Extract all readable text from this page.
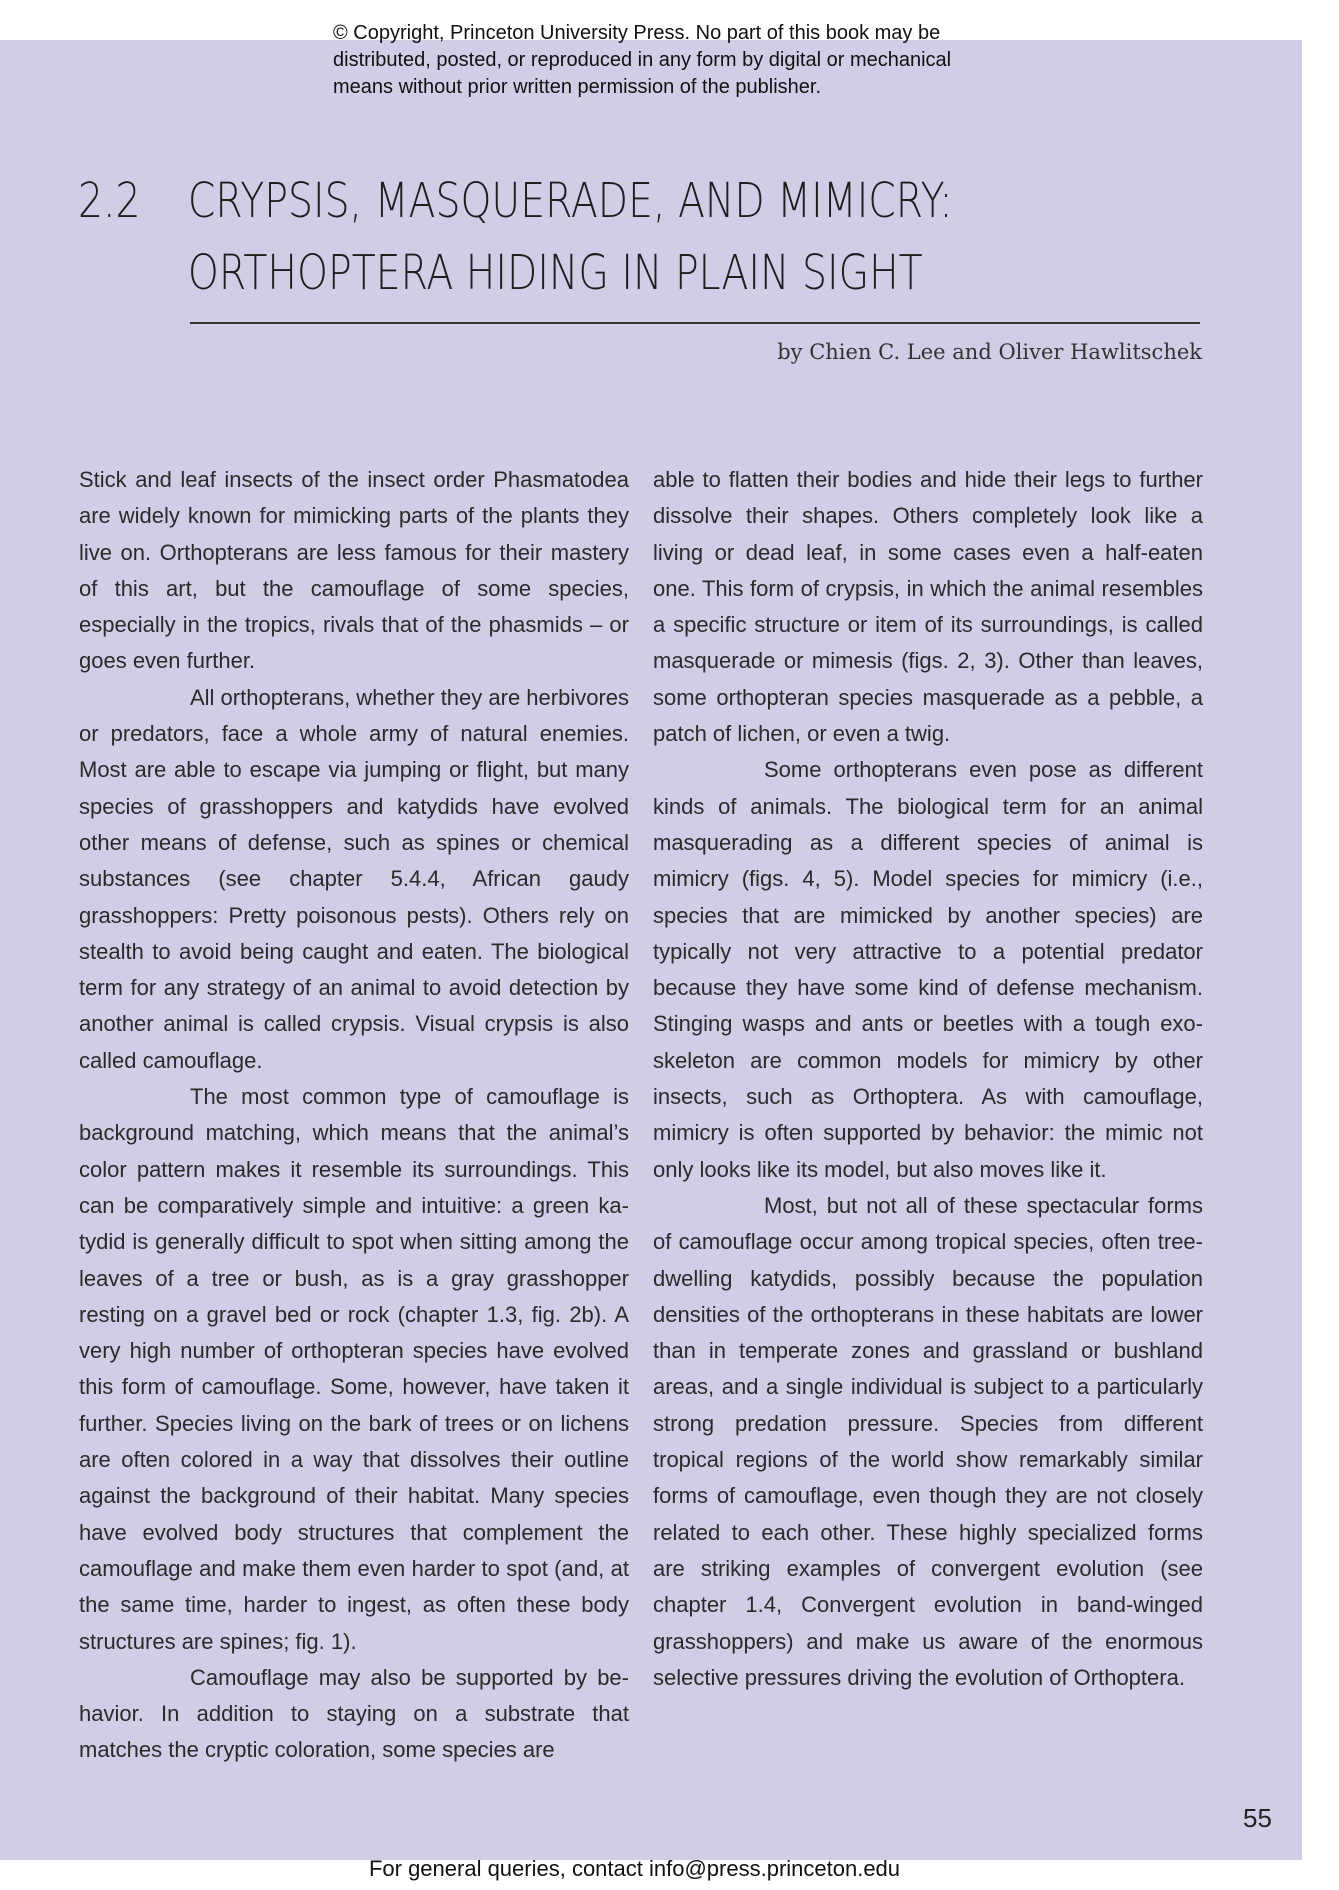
© Copyright, Princeton University Press. No part of this book may be
distributed, posted, or reproduced in any form by digital or mechanical
means without prior written permission of the publisher.

2.2 CRYPSIS, MASQUERADE, AND MIMICRY:
ORTHOPTERA HIDING IN PLAIN SIGHT

by Chien C. Lee and Oliver Hawlitschek

Stick and leaf insects of the insect order Phasmatodea are widely known for mimicking parts of the plants they live on. Orthopterans are less famous for their mastery of this art, but the camouflage of some species, especially in the tropics, rivals that of the phasmids – or goes even further.

All orthopterans, whether they are herbivores or predators, face a whole army of natural enemies. Most are able to escape via jumping or flight, but many species of grasshoppers and katydids have evolved other means of defense, such as spines or chemical substances (see chapter 5.4.4, African gaudy grasshoppers: Pretty poisonous pests). Others rely on stealth to avoid being caught and eaten. The biological term for any strategy of an animal to avoid detection by another animal is called crypsis. Visual crypsis is also called camouflage.

The most common type of camouflage is background matching, which means that the animal’s color pattern makes it resemble its surroundings. This can be comparatively simple and intuitive: a green katydid is generally difficult to spot when sitting among the leaves of a tree or bush, as is a gray grasshopper resting on a gravel bed or rock (chapter 1.3, fig. 2b). A very high number of orthopteran species have evolved this form of camouflage. Some, however, have taken it further. Species living on the bark of trees or on lichens are often colored in a way that dissolves their outline against the background of their habitat. Many species have evolved body structures that complement the camouflage and make them even harder to spot (and, at the same time, harder to ingest, as often these body structures are spines; fig. 1).

Camouflage may also be supported by behavior. In addition to staying on a substrate that matches the cryptic coloration, some species are

able to flatten their bodies and hide their legs to further dissolve their shapes. Others completely look like a living or dead leaf, in some cases even a half-eaten one. This form of crypsis, in which the animal resembles a specific structure or item of its surroundings, is called masquerade or mimesis (figs. 2, 3). Other than leaves, some orthopteran species masquerade as a pebble, a patch of lichen, or even a twig.

Some orthopterans even pose as different kinds of animals. The biological term for an animal masquerading as a different species of animal is mimicry (figs. 4, 5). Model species for mimicry (i.e., species that are mimicked by another species) are typically not very attractive to a potential predator because they have some kind of defense mechanism. Stinging wasps and ants or beetles with a tough exoskeleton are common models for mimicry by other insects, such as Orthoptera. As with camouflage, mimicry is often supported by behavior: the mimic not only looks like its model, but also moves like it.

Most, but not all of these spectacular forms of camouflage occur among tropical species, often tree-dwelling katydids, possibly because the population densities of the orthopterans in these habitats are lower than in temperate zones and grassland or bushland areas, and a single individual is subject to a particularly strong predation pressure. Species from different tropical regions of the world show remarkably similar forms of camouflage, even though they are not closely related to each other. These highly specialized forms are striking examples of convergent evolution (see chapter 1.4, Convergent evolution in band-winged grasshoppers) and make us aware of the enormous selective pressures driving the evolution of Orthoptera.

55

For general queries, contact info@press.princeton.edu
